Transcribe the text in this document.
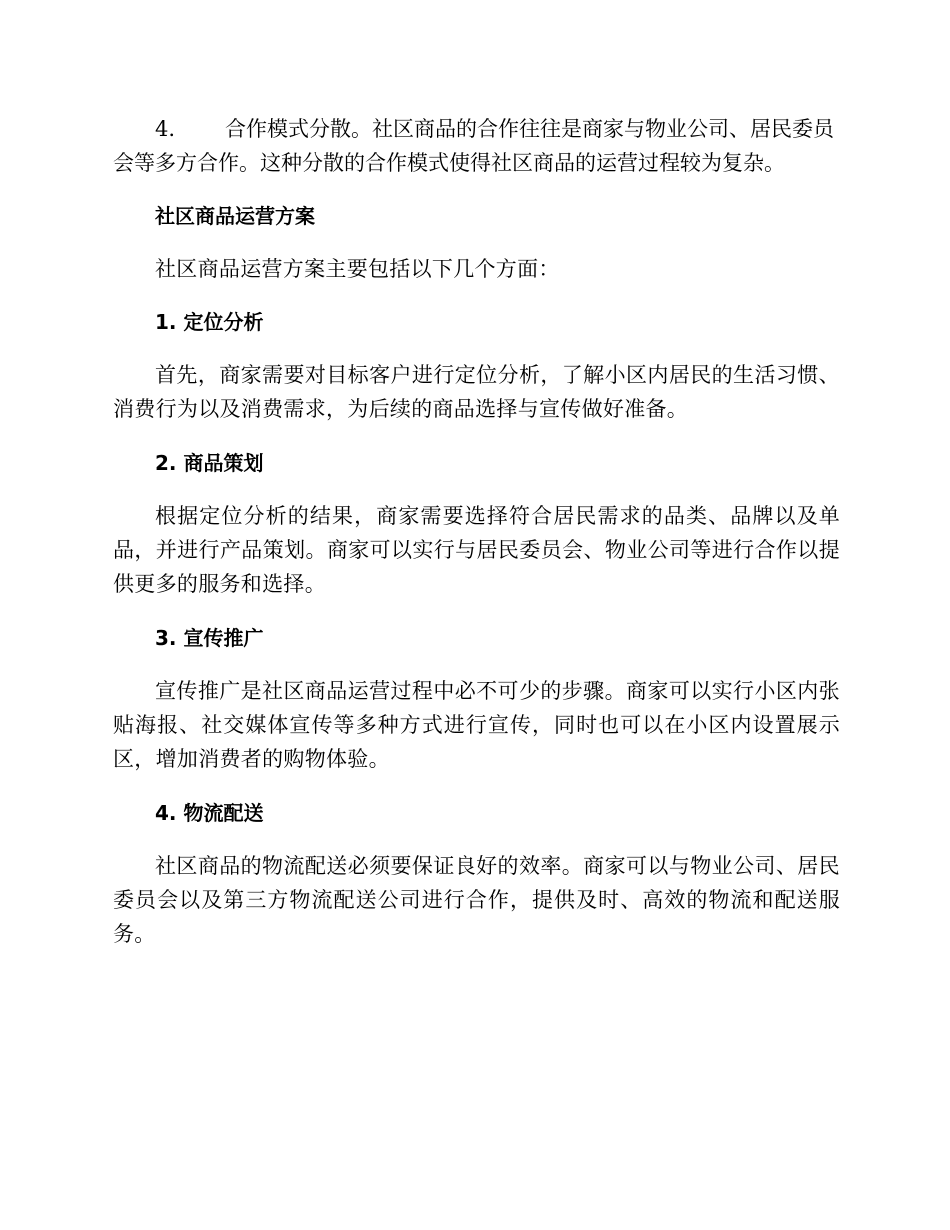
4. 合作模式分散。社区商品的合作往往是商家与物业公司、居民委员会等多方合作。这种分散的合作模式使得社区商品的运营过程较为复杂。

社区商品运营方案

社区商品运营方案主要包括以下几个方面：

1. 定位分析

首先，商家需要对目标客户进行定位分析，了解小区内居民的生活习惯、消费行为以及消费需求，为后续的商品选择与宣传做好准备。

2. 商品策划

根据定位分析的结果，商家需要选择符合居民需求的品类、品牌以及单品，并进行产品策划。商家可以实行与居民委员会、物业公司等进行合作以提供更多的服务和选择。

3. 宣传推广

宣传推广是社区商品运营过程中必不可少的步骤。商家可以实行小区内张贴海报、社交媒体宣传等多种方式进行宣传，同时也可以在小区内设置展示区，增加消费者的购物体验。

4. 物流配送

社区商品的物流配送必须要保证良好的效率。商家可以与物业公司、居民委员会以及第三方物流配送公司进行合作，提供及时、高效的物流和配送服务。
